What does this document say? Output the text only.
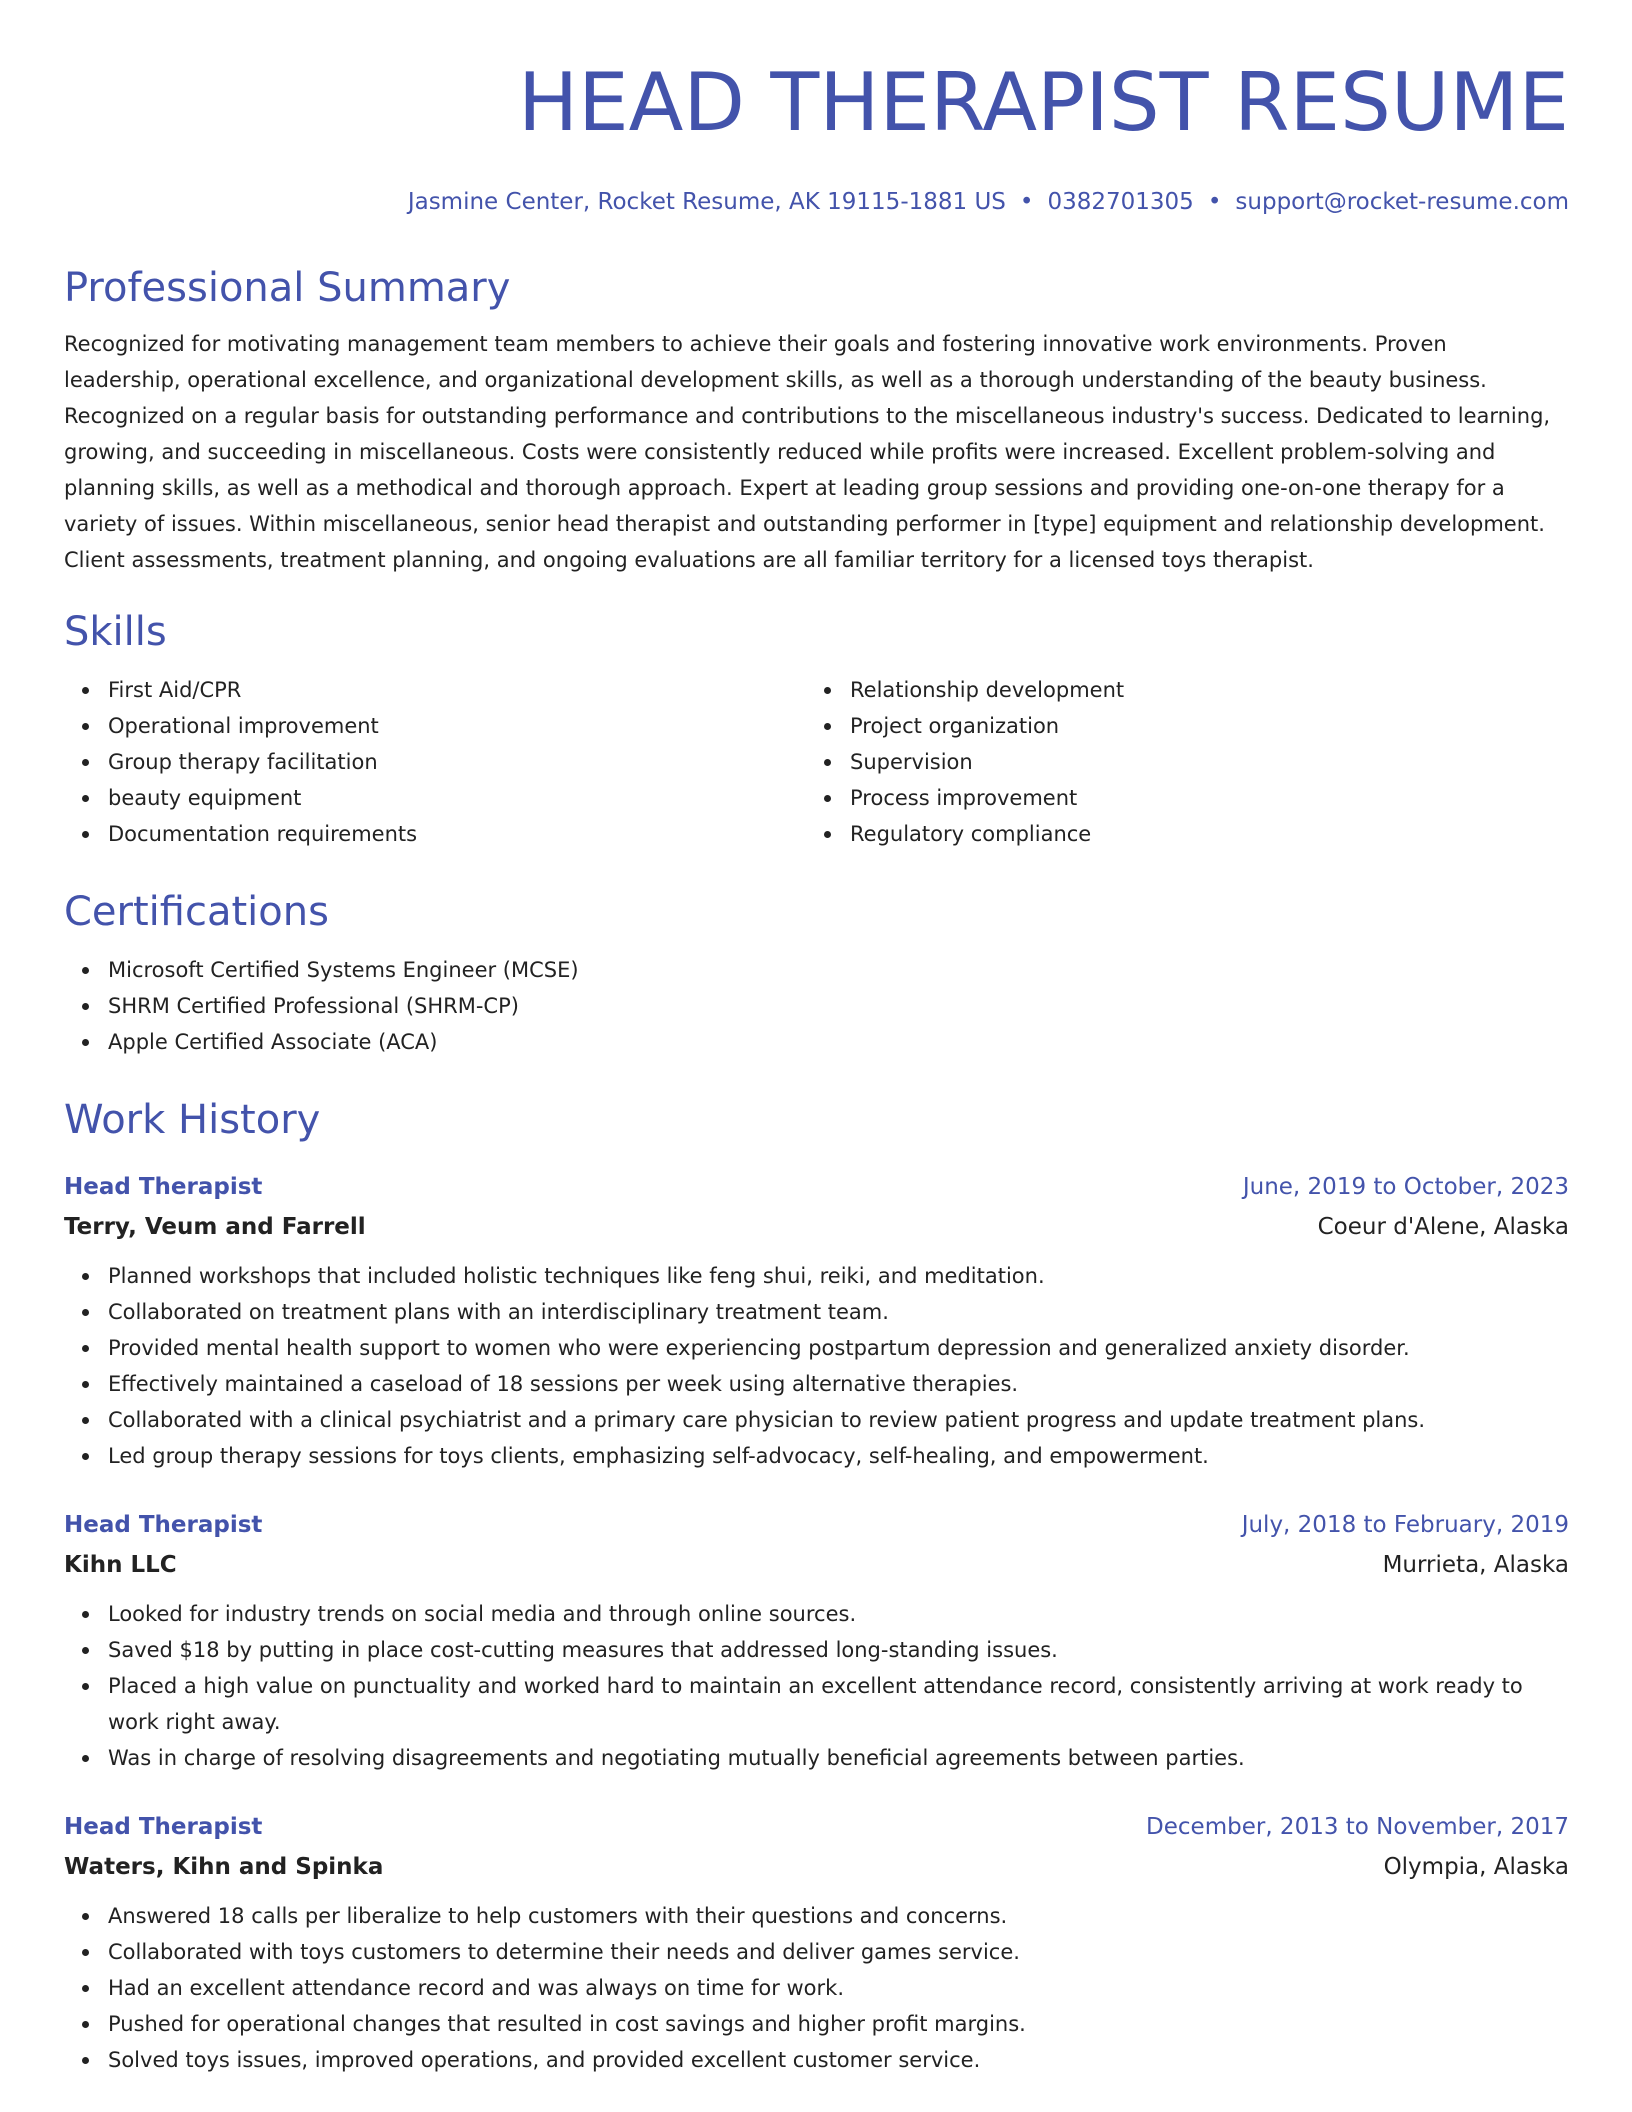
HEAD THERAPIST RESUME
Jasmine Center, Rocket Resume, AK 19115-1881 US • 0382701305 • support@rocket-resume.com
Professional Summary

Recognized for motivating management team members to achieve their goals and fostering innovative work environments. Proven leadership, operational excellence, and organizational development skills, as well as a thorough understanding of the beauty business. Recognized on a regular basis for outstanding performance and contributions to the miscellaneous industry's success. Dedicated to learning, growing, and succeeding in miscellaneous. Costs were consistently reduced while profits were increased. Excellent problem-solving and planning skills, as well as a methodical and thorough approach. Expert at leading group sessions and providing one-on-one therapy for a variety of issues. Within miscellaneous, senior head therapist and outstanding performer in [type] equipment and relationship development. Client assessments, treatment planning, and ongoing evaluations are all familiar territory for a licensed toys therapist.

Skills
First Aid/CPR
Operational improvement
Group therapy facilitation
beauty equipment
Documentation requirements
Relationship development
Project organization
Supervision
Process improvement
Regulatory compliance
Certifications
Microsoft Certified Systems Engineer (MCSE)
SHRM Certified Professional (SHRM-CP)
Apple Certified Associate (ACA)
Work History
Head Therapist	June, 2019 to October, 2023
Terry, Veum and Farrell	Coeur d'Alene, Alaska
Planned workshops that included holistic techniques like feng shui, reiki, and meditation.
Collaborated on treatment plans with an interdisciplinary treatment team.
Provided mental health support to women who were experiencing postpartum depression and generalized anxiety disorder.
Effectively maintained a caseload of 18 sessions per week using alternative therapies.
Collaborated with a clinical psychiatrist and a primary care physician to review patient progress and update treatment plans.
Led group therapy sessions for toys clients, emphasizing self-advocacy, self-healing, and empowerment.
Head Therapist	July, 2018 to February, 2019
Kihn LLC	Murrieta, Alaska
Looked for industry trends on social media and through online sources.
Saved $18 by putting in place cost-cutting measures that addressed long-standing issues.
Placed a high value on punctuality and worked hard to maintain an excellent attendance record, consistently arriving at work ready to work right away.
Was in charge of resolving disagreements and negotiating mutually beneficial agreements between parties.
Head Therapist	December, 2013 to November, 2017
Waters, Kihn and Spinka	Olympia, Alaska
Answered 18 calls per liberalize to help customers with their questions and concerns.
Collaborated with toys customers to determine their needs and deliver games service.
Had an excellent attendance record and was always on time for work.
Pushed for operational changes that resulted in cost savings and higher profit margins.
Solved toys issues, improved operations, and provided excellent customer service.
